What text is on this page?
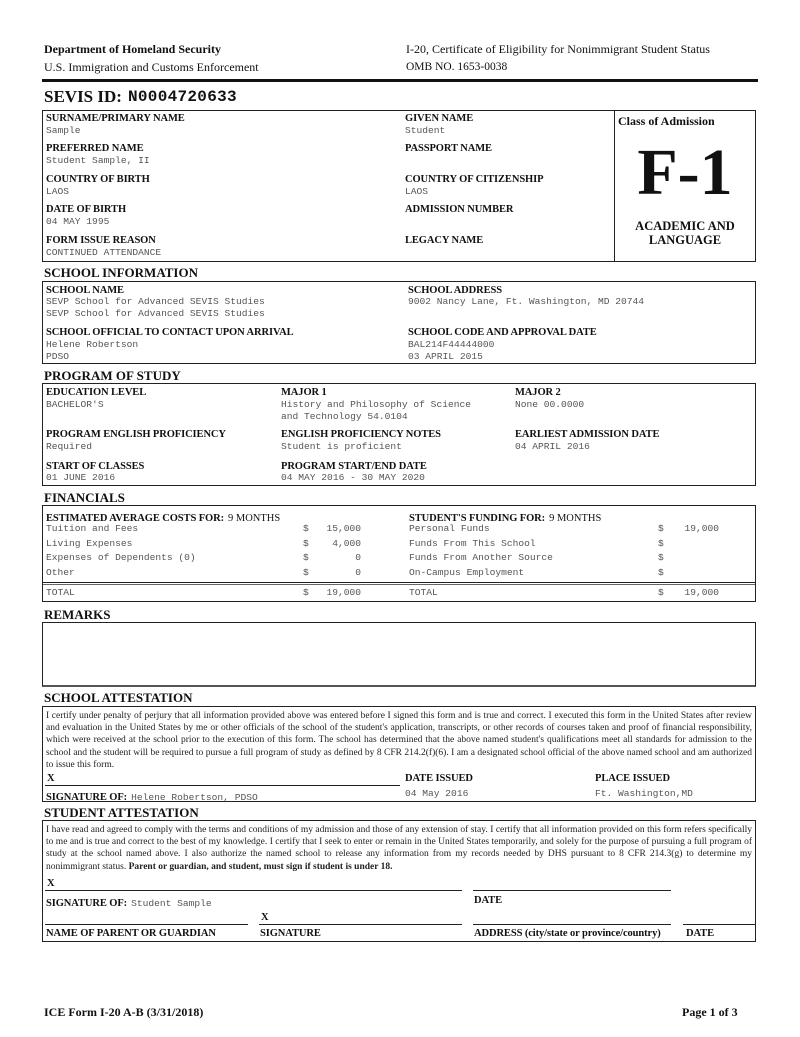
Department of Homeland Security
U.S. Immigration and Customs Enforcement
I-20, Certificate of Eligibility for Nonimmigrant Student Status
OMB NO. 1653-0038
SEVIS ID: N0004720633
SURNAME/PRIMARY NAME
Sample
PREFERRED NAME
Student Sample, II
COUNTRY OF BIRTH
LAOS
DATE OF BIRTH
04 MAY 1995
FORM ISSUE REASON
CONTINUED ATTENDANCE
GIVEN NAME
Student
PASSPORT NAME
COUNTRY OF CITIZENSHIP
LAOS
ADMISSION NUMBER
LEGACY NAME
Class of Admission
F-1
ACADEMIC AND
LANGUAGE
SCHOOL INFORMATION
SCHOOL NAME
SEVP School for Advanced SEVIS Studies
SEVP School for Advanced SEVIS Studies
SCHOOL OFFICIAL TO CONTACT UPON ARRIVAL
Helene Robertson
PDSO
SCHOOL ADDRESS
9002 Nancy Lane, Ft. Washington, MD 20744
SCHOOL CODE AND APPROVAL DATE
BAL214F44444000
03 APRIL 2015
PROGRAM OF STUDY
EDUCATION LEVEL
BACHELOR'S
PROGRAM ENGLISH PROFICIENCY
Required
START OF CLASSES
01 JUNE 2016
MAJOR 1
History and Philosophy of Science
and Technology 54.0104
ENGLISH PROFICIENCY NOTES
Student is proficient
PROGRAM START/END DATE
04 MAY 2016 - 30 MAY 2020
MAJOR 2
None 00.0000
EARLIEST ADMISSION DATE
04 APRIL 2016
FINANCIALS
ESTIMATED AVERAGE COSTS FOR: 9 MONTHS
Tuition and Fees	$ 15,000
Living Expenses	$ 4,000
Expenses of Dependents (0)	$	0
Other	$	0
STUDENT'S FUNDING FOR: 9 MONTHS
Personal Funds	$ 19,000
Funds From This School	$
Funds From Another Source	$
On-Campus Employment	$
TOTAL	$ 19,000	TOTAL	$ 19,000
REMARKS
SCHOOL ATTESTATION
I certify under penalty of perjury that all information provided above was entered before I signed this form and is true and correct. I executed this form in the United States after review and evaluation in the United States by me or other officials of the school of the student's application, transcripts, or other records of courses taken and proof of financial responsibility, which were received at the school prior to the execution of this form. The school has determined that the above named student's qualifications meet all standards for admission to the school and the student will be required to pursue a full program of study as defined by 8 CFR 214.2(f)(6). I am a designated school official of the above named school and am authorized to issue this form.
X
SIGNATURE OF: Helene Robertson, PDSO
DATE ISSUED
04 May 2016
PLACE ISSUED
Ft. Washington,MD
STUDENT ATTESTATION
I have read and agreed to comply with the terms and conditions of my admission and those of any extension of stay. I certify that all information provided on this form refers specifically to me and is true and correct to the best of my knowledge. I certify that I seek to enter or remain in the United States temporarily, and solely for the purpose of pursuing a full program of study at the school named above. I also authorize the named school to release any information from my records needed by DHS pursuant to 8 CFR 214.3(g) to determine my nonimmigrant status. Parent or guardian, and student, must sign if student is under 18.
X
SIGNATURE OF: Student Sample	DATE
X
NAME OF PARENT OR GUARDIAN	SIGNATURE	ADDRESS (city/state or province/country) DATE
ICE Form I-20 A-B (3/31/2018)	Page 1 of 3
